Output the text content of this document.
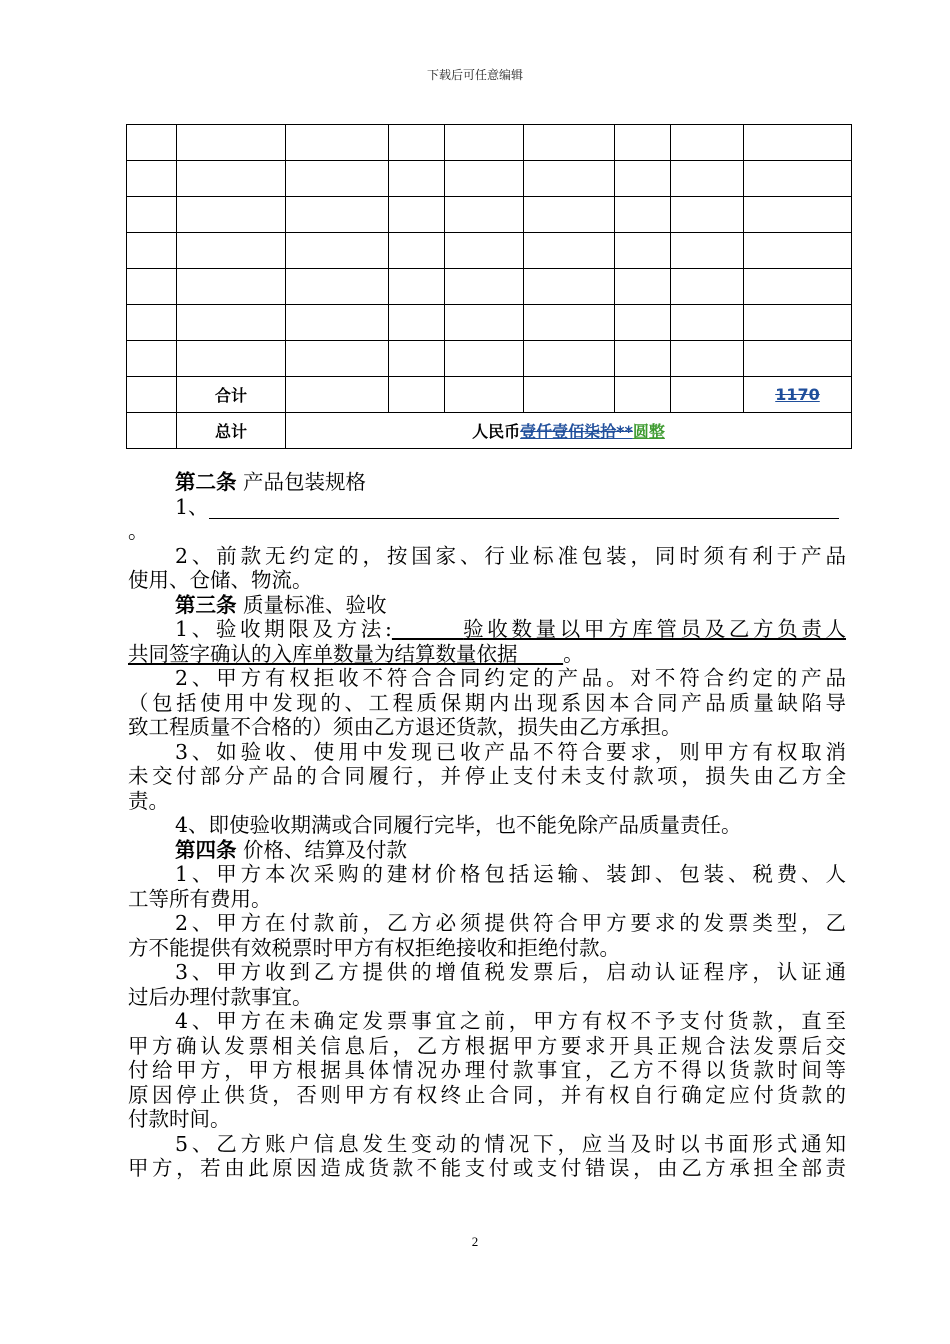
下载后可任意编辑

	合计							1170
	总计	人民币壹仟壹佰柒拾**圆整						

第二条 产品包装规格

1、

。

2、前款无约定的，按国家、行业标准包装，同时须有利于产品

使用、仓储、物流。

第三条 质量标准、验收

1、验收期限及方法:	验收数量以甲方库管员及乙方负责人

共同签字确认的入库单数量为结算数量依据 。

2、甲方有权拒收不符合合同约定的产品。对不符合约定的产品

（包括使用中发现的、工程质保期内出现系因本合同产品质量缺陷导

致工程质量不合格的）须由乙方退还货款，损失由乙方承担。

3、如验收、使用中发现已收产品不符合要求，则甲方有权取消

未交付部分产品的合同履行，并停止支付未支付款项，损失由乙方全

责。

4、即使验收期满或合同履行完毕，也不能免除产品质量责任。

第四条 价格、结算及付款

1、甲方本次采购的建材价格包括运输、装卸、包装、税费、人

工等所有费用。

2、甲方在付款前，乙方必须提供符合甲方要求的发票类型，乙

方不能提供有效税票时甲方有权拒绝接收和拒绝付款。

3、甲方收到乙方提供的增值税发票后，启动认证程序，认证通

过后办理付款事宜。

4、甲方在未确定发票事宜之前，甲方有权不予支付货款，直至

甲方确认发票相关信息后，乙方根据甲方要求开具正规合法发票后交

付给甲方，甲方根据具体情况办理付款事宜，乙方不得以货款时间等

原因停止供货，否则甲方有权终止合同，并有权自行确定应付货款的

付款时间。

5、乙方账户信息发生变动的情况下，应当及时以书面形式通知

甲方，若由此原因造成货款不能支付或支付错误，由乙方承担全部责

2
